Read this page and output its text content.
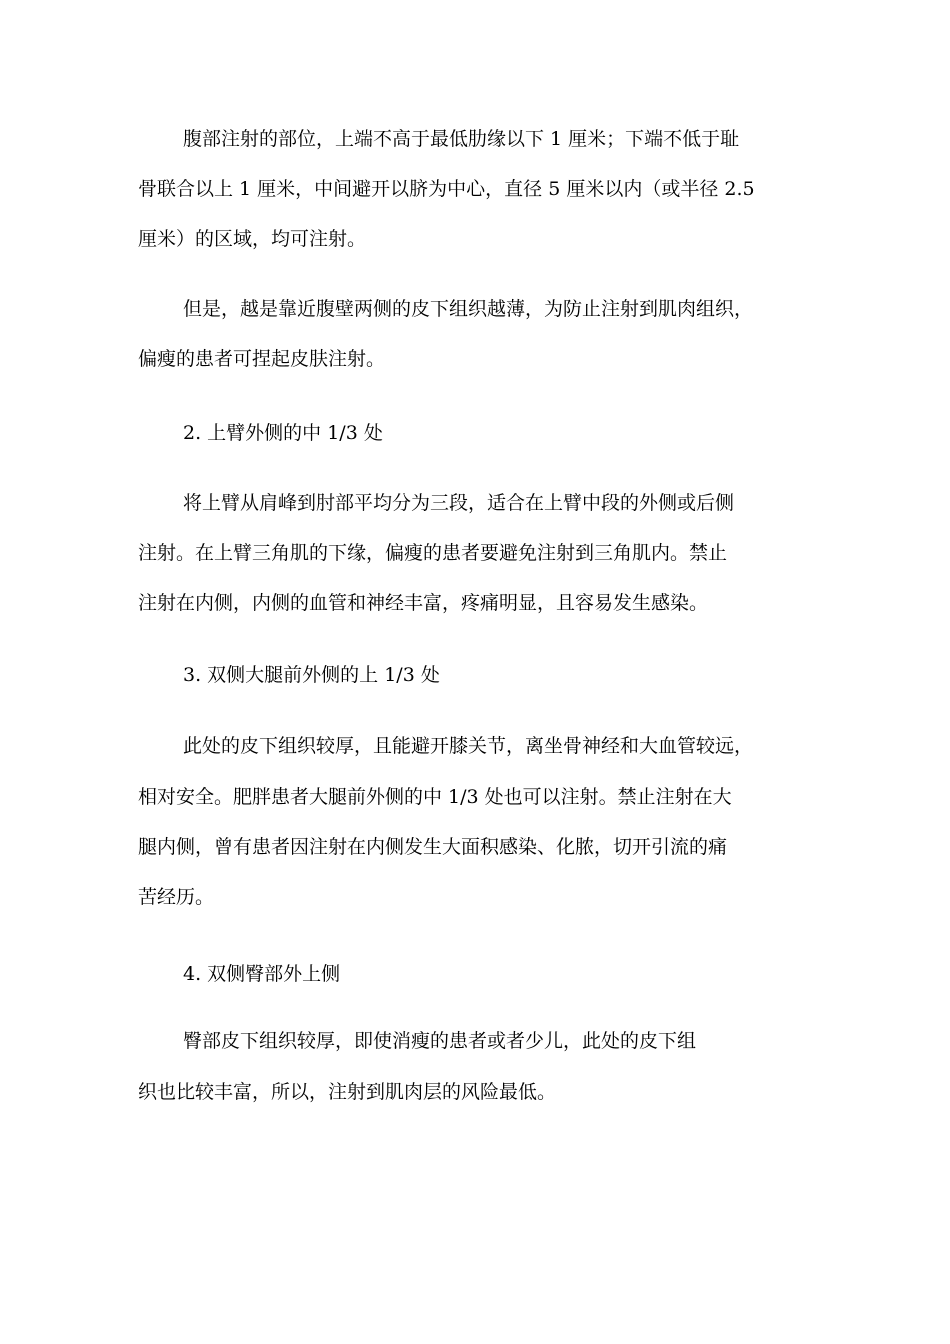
腹部注射的部位，上端不高于最低肋缘以下 1 厘米；下端不低于耻
骨联合以上 1 厘米，中间避开以脐为中心，直径 5 厘米以内（或半径 2.5
厘米）的区域，均可注射。
但是，越是靠近腹壁两侧的皮下组织越薄，为防止注射到肌肉组织，
偏瘦的患者可捏起皮肤注射。
2. 上臂外侧的中 1/3 处
将上臂从肩峰到肘部平均分为三段，适合在上臂中段的外侧或后侧
注射。在上臂三角肌的下缘，偏瘦的患者要避免注射到三角肌内。禁止
注射在内侧，内侧的血管和神经丰富，疼痛明显，且容易发生感染。
3. 双侧大腿前外侧的上 1/3 处
此处的皮下组织较厚，且能避开膝关节，离坐骨神经和大血管较远，
相对安全。肥胖患者大腿前外侧的中 1/3 处也可以注射。禁止注射在大
腿内侧，曾有患者因注射在内侧发生大面积感染、化脓，切开引流的痛
苦经历。
4. 双侧臀部外上侧
臀部皮下组织较厚，即使消瘦的患者或者少儿，此处的皮下组
织也比较丰富，所以，注射到肌肉层的风险最低。
